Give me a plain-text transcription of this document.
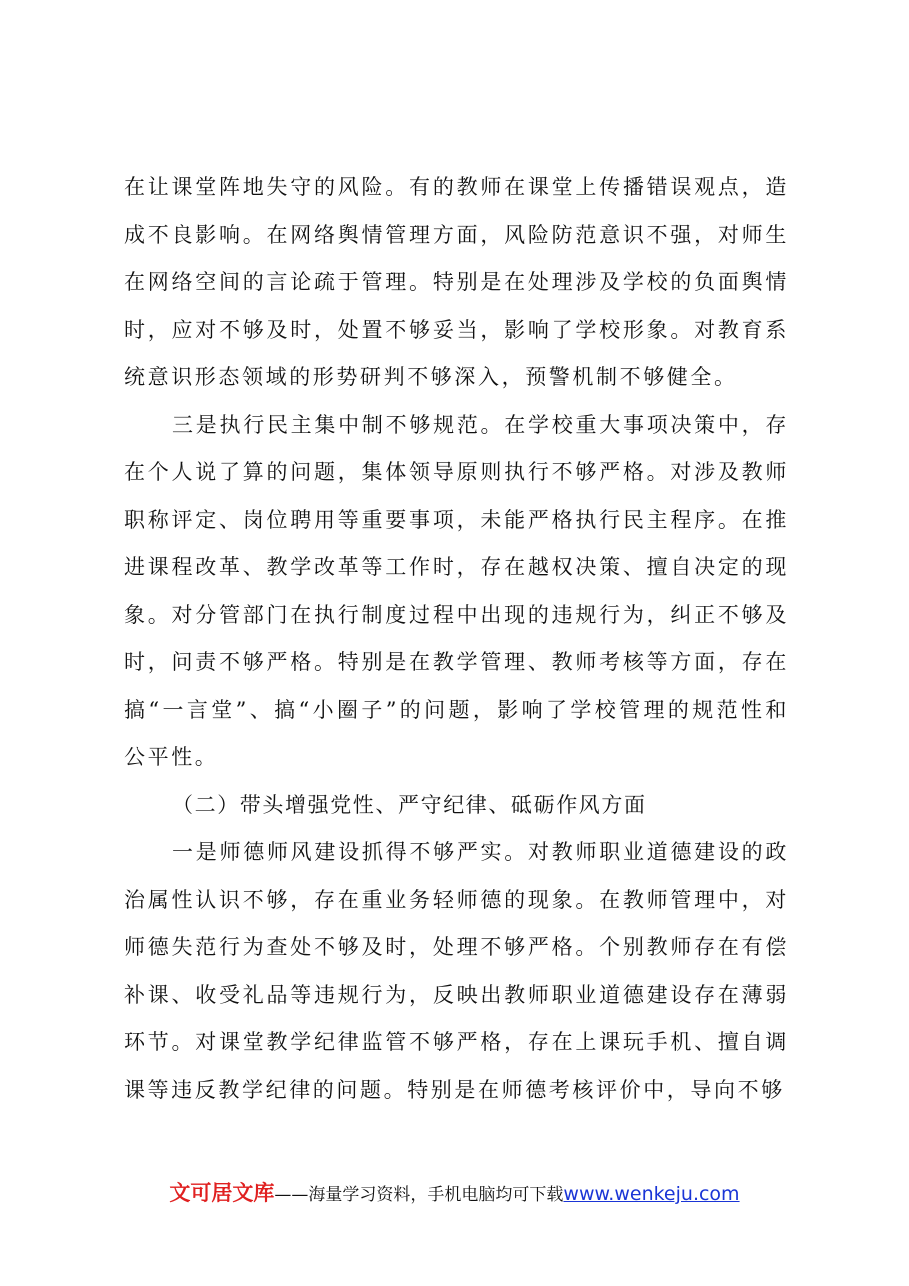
在让课堂阵地失守的风险。有的教师在课堂上传播错误观点，造成不良影响。在网络舆情管理方面，风险防范意识不强，对师生在网络空间的言论疏于管理。特别是在处理涉及学校的负面舆情时，应对不够及时，处置不够妥当，影响了学校形象。对教育系统意识形态领域的形势研判不够深入，预警机制不够健全。

三是执行民主集中制不够规范。在学校重大事项决策中，存在个人说了算的问题，集体领导原则执行不够严格。对涉及教师职称评定、岗位聘用等重要事项，未能严格执行民主程序。在推进课程改革、教学改革等工作时，存在越权决策、擅自决定的现象。对分管部门在执行制度过程中出现的违规行为，纠正不够及时，问责不够严格。特别是在教学管理、教师考核等方面，存在搞“一言堂”、搞“小圈子”的问题，影响了学校管理的规范性和公平性。

（二）带头增强党性、严守纪律、砥砺作风方面

一是师德师风建设抓得不够严实。对教师职业道德建设的政治属性认识不够，存在重业务轻师德的现象。在教师管理中，对师德失范行为查处不够及时，处理不够严格。个别教师存在有偿补课、收受礼品等违规行为，反映出教师职业道德建设存在薄弱环节。对课堂教学纪律监管不够严格，存在上课玩手机、擅自调课等违反教学纪律的问题。特别是在师德考核评价中，导向不够

文可居文库——海量学习资料，手机电脑均可下载www.wenkeju.com
